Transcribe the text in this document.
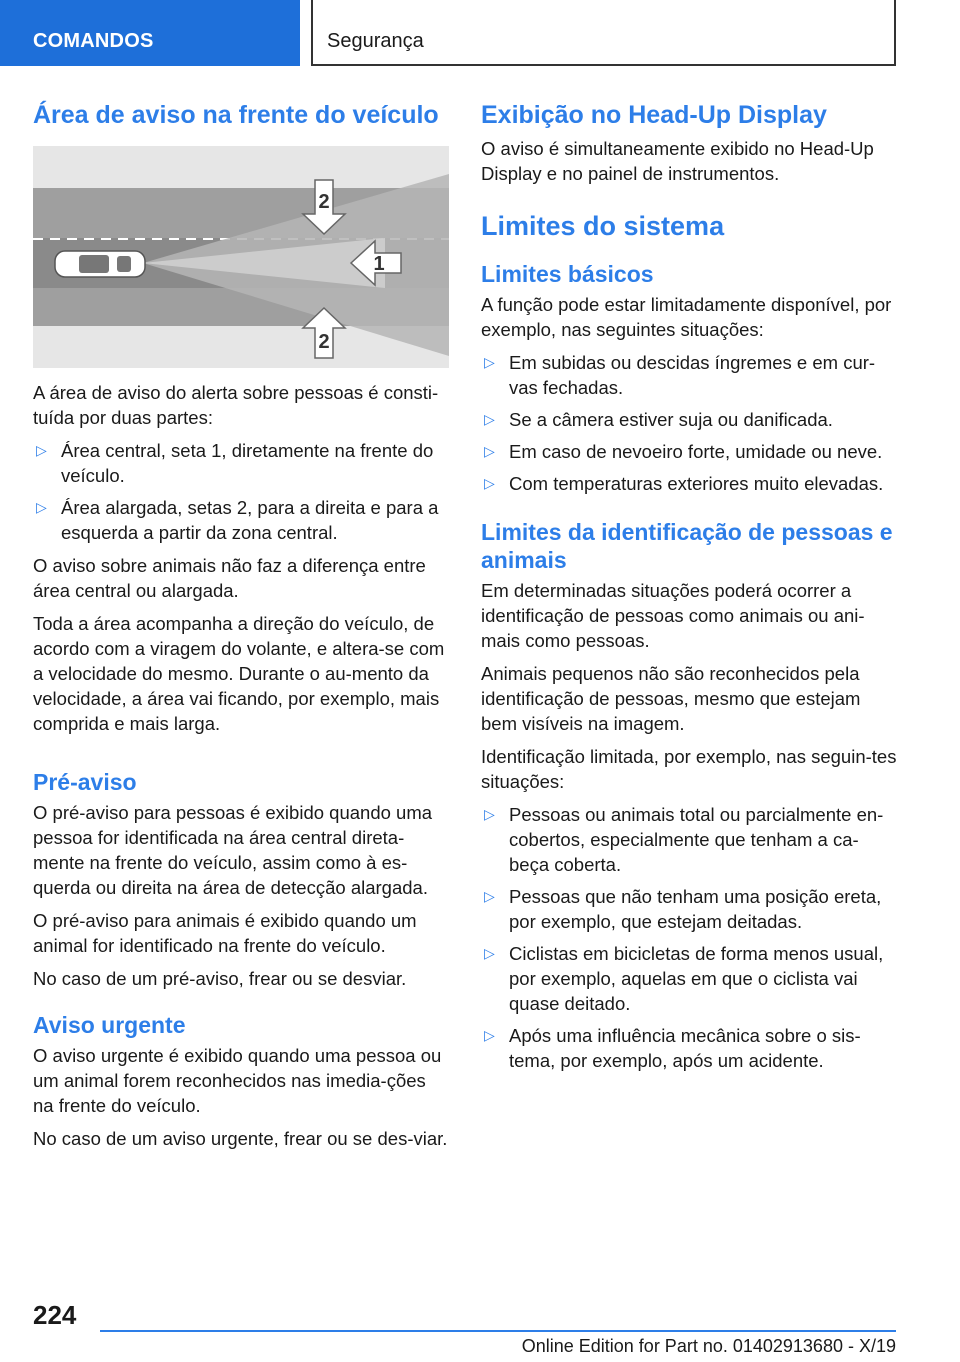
COMANDOS	Segurança
Área de aviso na frente do veículo
2
1
2

A área de aviso do alerta sobre pessoas é consti-tuída por duas partes:

▷ Área central, seta 1, diretamente na frente do veículo.
▷ Área alargada, setas 2, para a direita e para a esquerda a partir da zona central.

O aviso sobre animais não faz a diferença entre área central ou alargada.

Toda a área acompanha a direção do veículo, de acordo com a viragem do volante, e altera-se com a velocidade do mesmo. Durante o au-mento da velocidade, a área vai ficando, por exemplo, mais comprida e mais larga.

Pré-aviso

O pré-aviso para pessoas é exibido quando uma pessoa for identificada na área central direta-mente na frente do veículo, assim como à es-querda ou direita na área de detecção alargada.

O pré-aviso para animais é exibido quando um animal for identificado na frente do veículo.

No caso de um pré-aviso, frear ou se desviar.

Aviso urgente

O aviso urgente é exibido quando uma pessoa ou um animal forem reconhecidos nas imedia-ções na frente do veículo.

No caso de um aviso urgente, frear ou se des-viar.

Exibição no Head-Up Display

O aviso é simultaneamente exibido no Head-Up Display e no painel de instrumentos.

Limites do sistema
Limites básicos

A função pode estar limitadamente disponível, por exemplo, nas seguintes situações:

▷ Em subidas ou descidas íngremes e em cur-vas fechadas.
▷ Se a câmera estiver suja ou danificada.
▷ Em caso de nevoeiro forte, umidade ou neve.
▷ Com temperaturas exteriores muito elevadas.
Limites da identificação de pessoas e animais

Em determinadas situações poderá ocorrer a identificação de pessoas como animais ou ani-mais como pessoas.

Animais pequenos não são reconhecidos pela identificação de pessoas, mesmo que estejam bem visíveis na imagem.

Identificação limitada, por exemplo, nas seguin-tes situações:

▷ Pessoas ou animais total ou parcialmente en-cobertos, especialmente que tenham a ca-beça coberta.
▷ Pessoas que não tenham uma posição ereta, por exemplo, que estejam deitadas.
▷ Ciclistas em bicicletas de forma menos usual, por exemplo, aquelas em que o ciclista vai quase deitado.
▷ Após uma influência mecânica sobre o sis-tema, por exemplo, após um acidente.
224
Online Edition for Part no. 01402913680 - X/19
